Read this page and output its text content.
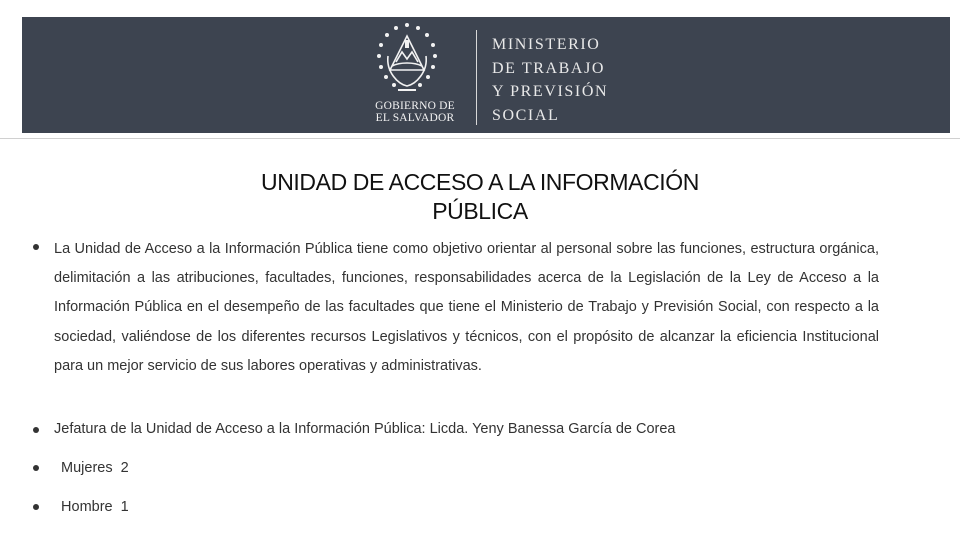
GOBIERNO DE
EL SALVADOR
MINISTERIO
DE TRABAJO
Y PREVISIÓN
SOCIAL
UNIDAD DE ACCESO A LA INFORMACIÓN
PÚBLICA
La Unidad de Acceso a la Información Pública tiene como objetivo orientar al personal sobre las funciones, estructura orgánica, delimitación a las atribuciones, facultades, funciones, responsabilidades acerca de la Legislación de la Ley de Acceso a la Información Pública en el desempeño de las facultades que tiene el Ministerio de Trabajo y Previsión Social, con respecto a la sociedad, valiéndose de los diferentes recursos Legislativos y técnicos, con el propósito de alcanzar la eficiencia Institucional para un mejor servicio de sus labores operativas y administrativas.
Jefatura de la Unidad de Acceso a la Información Pública: Licda. Yeny Banessa García de Corea
Mujeres  2
Hombre  1
